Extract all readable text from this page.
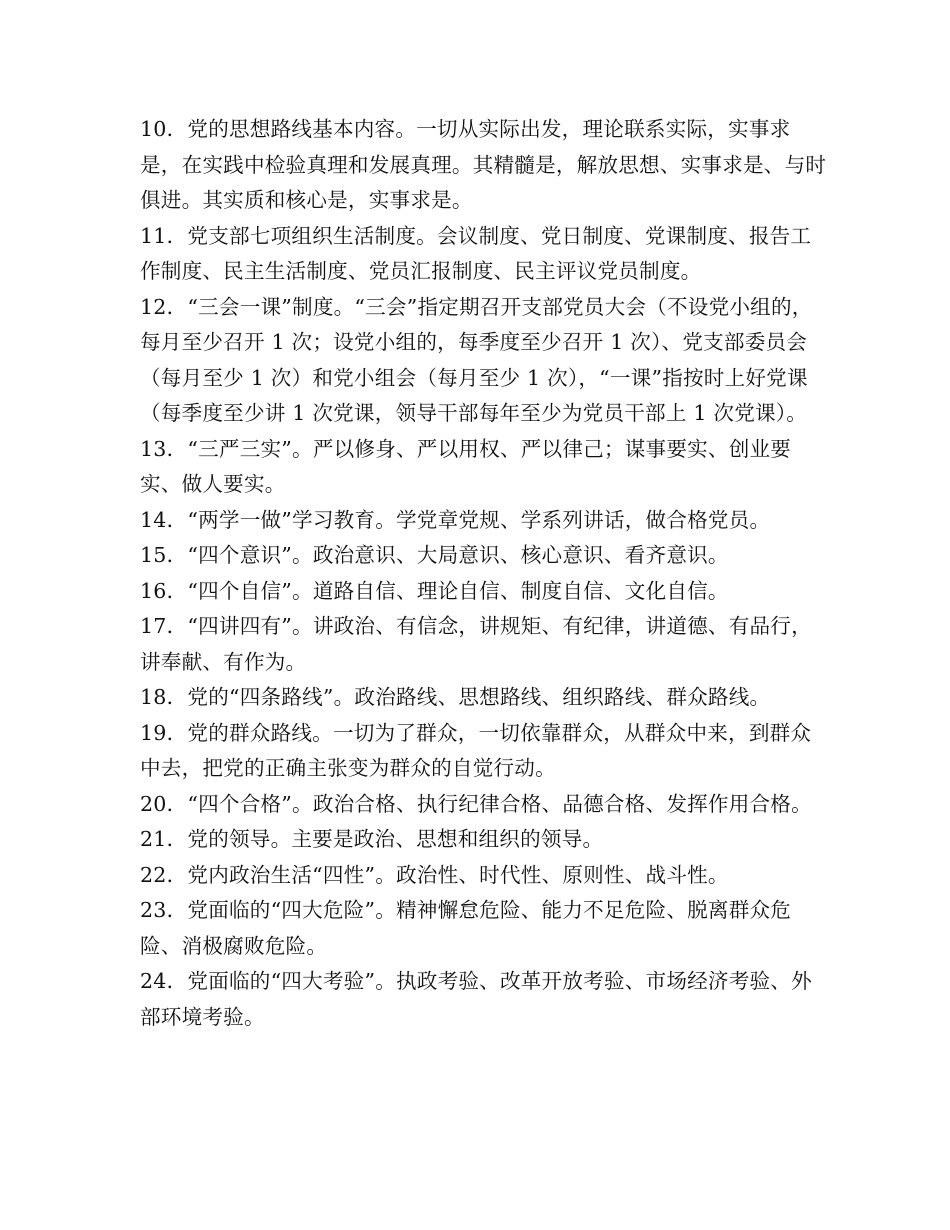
10．党的思想路线基本内容。一切从实际出发，理论联系实际，实事求是，在实践中检验真理和发展真理。其精髓是，解放思想、实事求是、与时俱进。其实质和核心是，实事求是。

11．党支部七项组织生活制度。会议制度、党日制度、党课制度、报告工作制度、民主生活制度、党员汇报制度、民主评议党员制度。

12．“三会一课”制度。“三会”指定期召开支部党员大会（不设党小组的，每月至少召开 1 次；设党小组的，每季度至少召开 1 次）、党支部委员会（每月至少 1 次）和党小组会（每月至少 1 次），“一课”指按时上好党课（每季度至少讲 1 次党课，领导干部每年至少为党员干部上 1 次党课）。

13．“三严三实”。严以修身、严以用权、严以律己；谋事要实、创业要实、做人要实。

14．“两学一做”学习教育。学党章党规、学系列讲话，做合格党员。

15．“四个意识”。政治意识、大局意识、核心意识、看齐意识。

16．“四个自信”。道路自信、理论自信、制度自信、文化自信。

17．“四讲四有”。讲政治、有信念，讲规矩、有纪律，讲道德、有品行，讲奉献、有作为。

18．党的“四条路线”。政治路线、思想路线、组织路线、群众路线。

19．党的群众路线。一切为了群众，一切依靠群众，从群众中来，到群众中去，把党的正确主张变为群众的自觉行动。

20．“四个合格”。政治合格、执行纪律合格、品德合格、发挥作用合格。

21．党的领导。主要是政治、思想和组织的领导。

22．党内政治生活“四性”。政治性、时代性、原则性、战斗性。

23．党面临的“四大危险”。精神懈怠危险、能力不足危险、脱离群众危险、消极腐败危险。

24．党面临的“四大考验”。执政考验、改革开放考验、市场经济考验、外部环境考验。
